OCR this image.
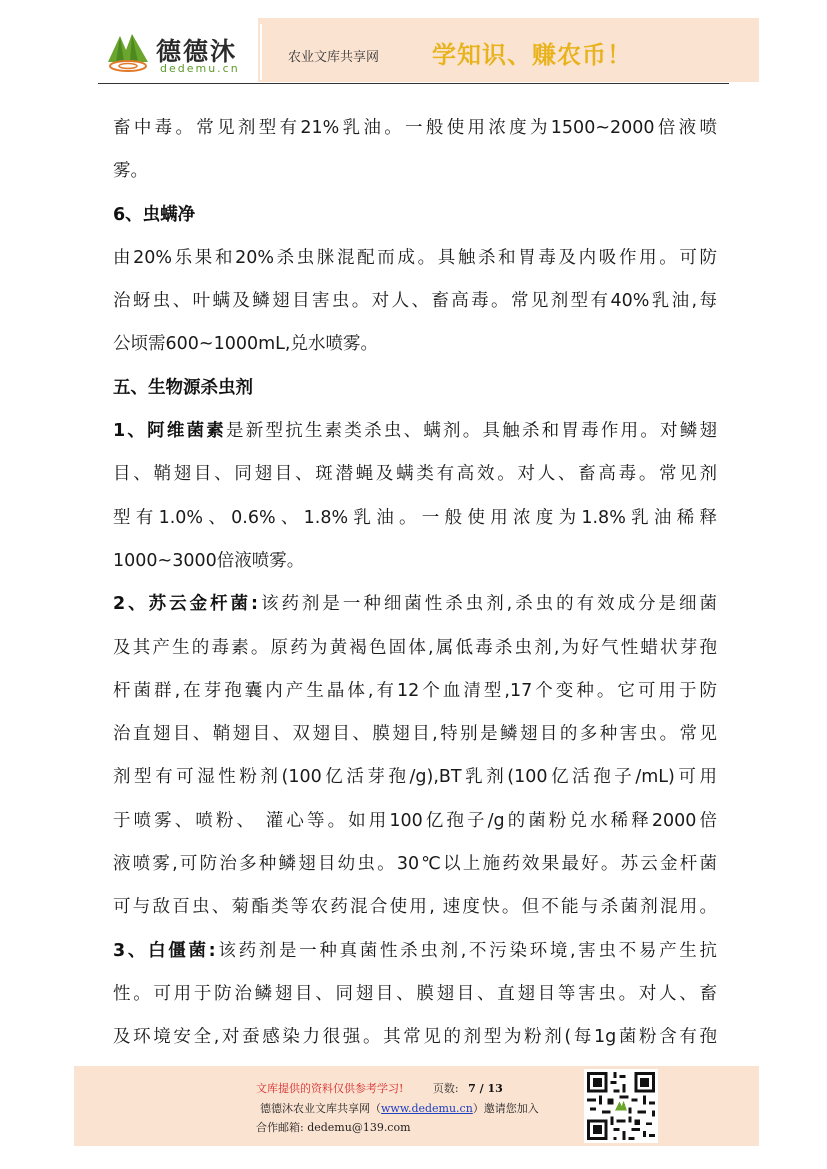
德德沐
dedemu.cn
农业文库共享网 学知识、赚农币！
畜中毒。常见剂型有21%乳油。一般使用浓度为1500~2000倍液喷
雾。
6、虫螨净
由20%乐果和20%杀虫脒混配而成。具触杀和胃毒及内吸作用。可防
治蚜虫、叶螨及鳞翅目害虫。对人、畜高毒。常见剂型有40%乳油,每
公顷需600~1000mL,兑水喷雾。
五、生物源杀虫剂
1、阿维菌素是新型抗生素类杀虫、螨剂。具触杀和胃毒作用。对鳞翅
目、鞘翅目、同翅目、斑潜蝇及螨类有高效。对人、畜高毒。常见剂
型有1.0%、0.6%、1.8%乳油。一般使用浓度为1.8%乳油稀释
1000~3000倍液喷雾。
2、苏云金杆菌:该药剂是一种细菌性杀虫剂,杀虫的有效成分是细菌
及其产生的毒素。原药为黄褐色固体,属低毒杀虫剂,为好气性蜡状芽孢
杆菌群,在芽孢囊内产生晶体,有12个血清型,17个变种。它可用于防
治直翅目、鞘翅目、双翅目、膜翅目,特别是鳞翅目的多种害虫。常见
剂型有可湿性粉剂(100亿活芽孢/g),BT乳剂(100亿活孢子/mL)可用
于喷雾、喷粉、 灌心等。如用100亿孢子/g的菌粉兑水稀释2000倍
液喷雾,可防治多种鳞翅目幼虫。30℃以上施药效果最好。苏云金杆菌
可与敌百虫、菊酯类等农药混合使用, 速度快。但不能与杀菌剂混用。
3、白僵菌:该药剂是一种真菌性杀虫剂,不污染环境,害虫不易产生抗
性。可用于防治鳞翅目、同翅目、膜翅目、直翅目等害虫。对人、畜
及环境安全,对蚕感染力很强。其常见的剂型为粉剂(每1g菌粉含有孢
文库提供的资料仅供参考学习!	页数: 7 / 13
德德沐农业文库共享网（www.dedemu.cn）邀请您加入
合作邮箱: dedemu@139.com
